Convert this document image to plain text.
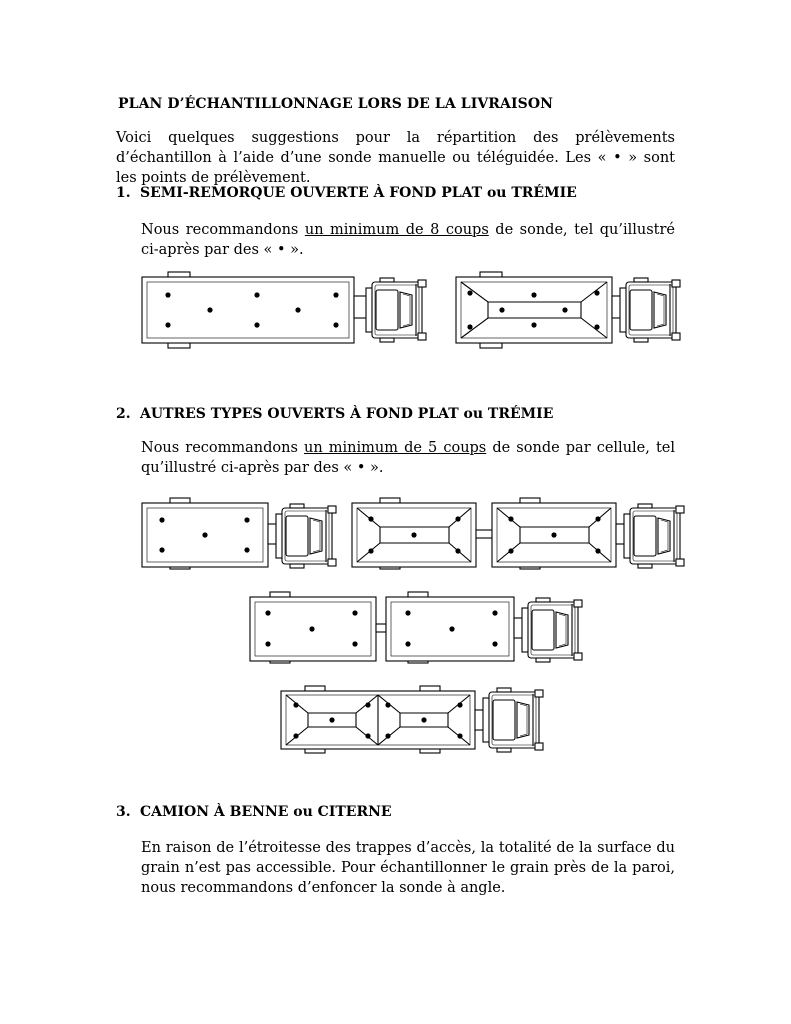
PLAN D’ÉCHANTILLONNAGE LORS DE LA LIVRAISON
Voici quelques suggestions pour la répartition des prélèvements d’échantillon à l’aide d’une sonde manuelle ou téléguidée. Les « • » sont les points de prélèvement.
1. SEMI-REMORQUE OUVERTE À FOND PLAT ou TRÉMIE
Nous recommandons un minimum de 8 coups de sonde, tel qu’illustré ci-après par des « • ».
2. AUTRES TYPES OUVERTS À FOND PLAT ou TRÉMIE
Nous recommandons un minimum de 5 coups de sonde par cellule, tel qu’illustré ci-après par des « • ».
3. CAMION À BENNE ou CITERNE
En raison de l’étroitesse des trappes d’accès, la totalité de la surface du grain n’est pas accessible. Pour échantillonner le grain près de la paroi, nous recommandons d’enfoncer la sonde à angle.
